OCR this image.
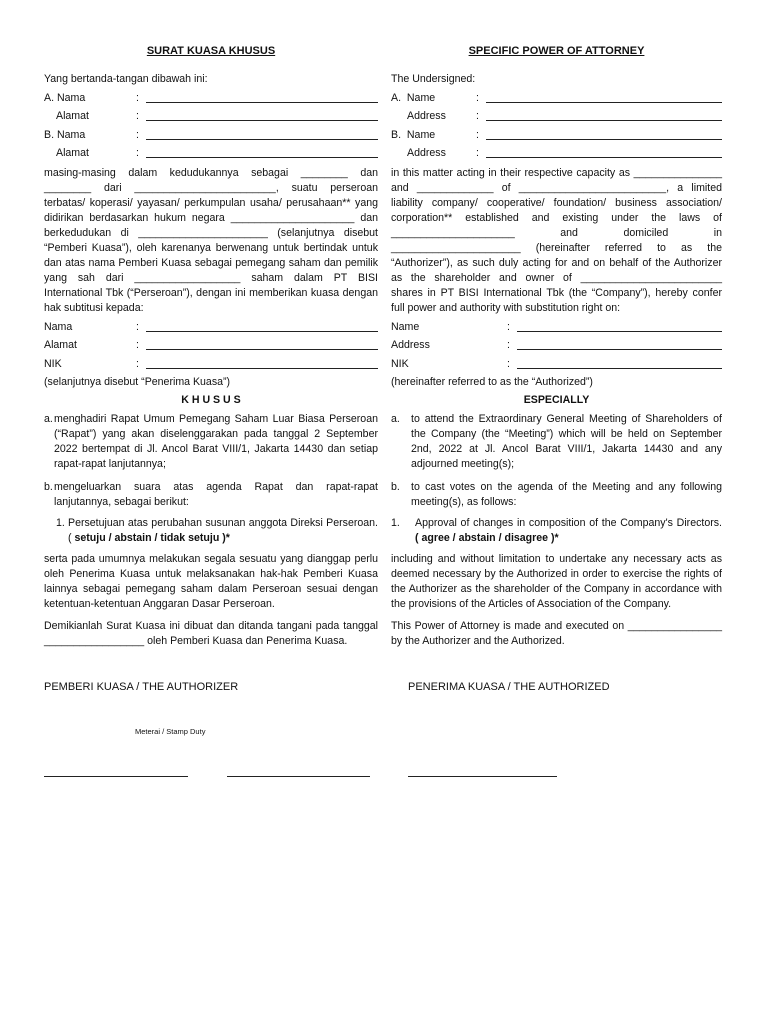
SURAT KUASA KHUSUS

Yang bertanda-tangan dibawah ini:

A. Nama	:
Alamat	:
B. Nama	:
Alamat	:

masing-masing dalam kedudukannya sebagai ________ dan ________ dari ________________________, suatu perseroan terbatas/ koperasi/ yayasan/ perkumpulan usaha/ perusahaan** yang didirikan berdasarkan hukum negara _____________________ dan berkedudukan di ______________________ (selanjutnya disebut “Pemberi Kuasa”), oleh karenanya berwenang untuk bertindak untuk dan atas nama Pemberi Kuasa sebagai pemegang saham dan pemilik yang sah dari __________________ saham dalam PT BISI International Tbk (“Perseroan”), dengan ini memberikan kuasa dengan hak subtitusi kepada:

Nama	:
Alamat	:
NIK	:

(selanjutnya disebut “Penerima Kuasa”)

K H U S U S
a. menghadiri Rapat Umum Pemegang Saham Luar Biasa Perseroan (“Rapat”) yang akan diselenggarakan pada tanggal 2 September 2022 bertempat di Jl. Ancol Barat VIII/1, Jakarta 14430 dan setiap rapat-rapat lanjutannya;
b. mengeluarkan suara atas agenda Rapat dan rapat-rapat lanjutannya, sebagai berikut:
1. Persetujuan atas perubahan susunan anggota Direksi Perseroan. ( setuju / abstain / tidak setuju )*

serta pada umumnya melakukan segala sesuatu yang dianggap perlu oleh Penerima Kuasa untuk melaksanakan hak-hak Pemberi Kuasa lainnya sebagai pemegang saham dalam Perseroan sesuai dengan ketentuan-ketentuan Anggaran Dasar Perseroan.

Demikianlah Surat Kuasa ini dibuat dan ditanda tangani pada tanggal _________________ oleh Pemberi Kuasa dan Penerima Kuasa.

SPECIFIC POWER OF ATTORNEY

The Undersigned:

A. Name	:
Address	:
B. Name	:
Address	:

in this matter acting in their respective capacity as _______________ and _____________ of _________________________, a limited liability company/ cooperative/ foundation/ business association/ corporation** established and existing under the laws of _____________________ and domiciled in ______________________ (hereinafter referred to as the “Authorizer”), as such duly acting for and on behalf of the Authorizer as the shareholder and owner of ________________________ shares in PT BISI International Tbk (the “Company”), hereby confer full power and authority with substitution right on:

Name	:
Address	:
NIK	:

(hereinafter referred to as the “Authorized”)

ESPECIALLY
a.	to attend the Extraordinary General Meeting of Shareholders of the Company (the “Meeting”) which will be held on September 2nd, 2022 at Jl. Ancol Barat VIII/1, Jakarta 14430 and any adjourned meeting(s);
b.	to cast votes on the agenda of the Meeting and any following meeting(s), as follows:
1.	Approval of changes in composition of the Company's Directors. ( agree / abstain / disagree )*

including and without limitation to undertake any necessary acts as deemed necessary by the Authorized in order to exercise the rights of the Authorizer as the shareholder of the Company in accordance with the provisions of the Articles of Association of the Company.

This Power of Attorney is made and executed on ________________ by the Authorizer and the Authorized.

PEMBERI KUASA / THE AUTHORIZER	PENERIMA KUASA / THE AUTHORIZED
Meterai / Stamp Duty
